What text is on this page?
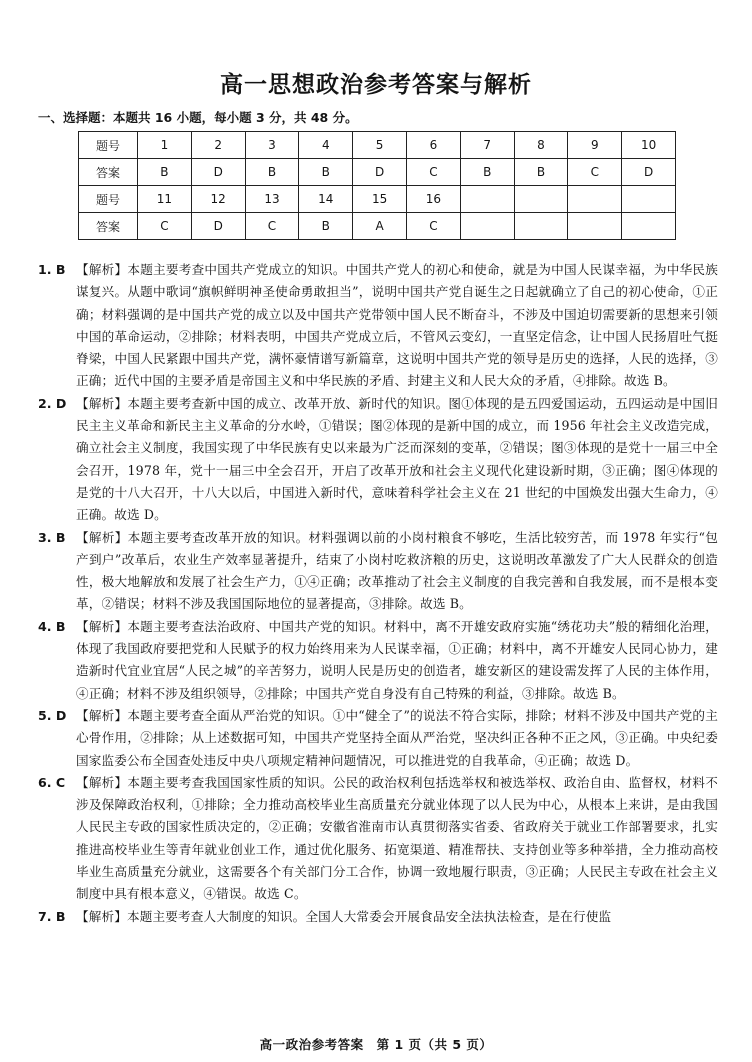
高一思想政治参考答案与解析
一、选择题：本题共 16 小题，每小题 3 分，共 48 分。
题号	1	2	3	4	5	6	7	8	9	10
答案	B	D	B	B	D	C	B	B	C	D
题号	11	12	13	14	15	16				
答案	C	D	C	B	A	C				
1. B 【解析】本题主要考查中国共产党成立的知识。中国共产党人的初心和使命，就是为中国人民谋幸福，为中华民族谋复兴。从题中歌词“旗帜鲜明神圣使命勇敢担当”，说明中国共产党自诞生之日起就确立了自己的初心使命，①正确；材料强调的是中国共产党的成立以及中国共产党带领中国人民不断奋斗，不涉及中国迫切需要新的思想来引领中国的革命运动，②排除；材料表明，中国共产党成立后，不管风云变幻，一直坚定信念，让中国人民扬眉吐气挺脊梁，中国人民紧跟中国共产党，满怀豪情谱写新篇章，这说明中国共产党的领导是历史的选择，人民的选择，③正确；近代中国的主要矛盾是帝国主义和中华民族的矛盾、封建主义和人民大众的矛盾，④排除。故选 B。
2. D 【解析】本题主要考查新中国的成立、改革开放、新时代的知识。图①体现的是五四爱国运动，五四运动是中国旧民主主义革命和新民主主义革命的分水岭，①错误；图②体现的是新中国的成立，而 1956 年社会主义改造完成，确立社会主义制度，我国实现了中华民族有史以来最为广泛而深刻的变革，②错误；图③体现的是党十一届三中全会召开，1978 年，党十一届三中全会召开，开启了改革开放和社会主义现代化建设新时期，③正确；图④体现的是党的十八大召开，十八大以后，中国进入新时代，意味着科学社会主义在 21 世纪的中国焕发出强大生命力，④正确。故选 D。
3. B 【解析】本题主要考查改革开放的知识。材料强调以前的小岗村粮食不够吃，生活比较穷苦，而 1978 年实行“包产到户”改革后，农业生产效率显著提升，结束了小岗村吃救济粮的历史，这说明改革激发了广大人民群众的创造性，极大地解放和发展了社会生产力，①④正确；改革推动了社会主义制度的自我完善和自我发展，而不是根本变革，②错误；材料不涉及我国国际地位的显著提高，③排除。故选 B。
4. B 【解析】本题主要考查法治政府、中国共产党的知识。材料中，离不开雄安政府实施“绣花功夫”般的精细化治理，体现了我国政府要把党和人民赋予的权力始终用来为人民谋幸福，①正确；材料中，离不开雄安人民同心协力，建造新时代宜业宜居“人民之城”的辛苦努力，说明人民是历史的创造者，雄安新区的建设需发挥了人民的主体作用，④正确；材料不涉及组织领导，②排除；中国共产党自身没有自己特殊的利益，③排除。故选 B。
5. D 【解析】本题主要考查全面从严治党的知识。①中“健全了”的说法不符合实际，排除；材料不涉及中国共产党的主心骨作用，②排除；从上述数据可知，中国共产党坚持全面从严治党，坚决纠正各种不正之风，③正确。中央纪委国家监委公布全国查处违反中央八项规定精神问题情况，可以推进党的自我革命，④正确；故选 D。
6. C 【解析】本题主要考查我国国家性质的知识。公民的政治权利包括选举权和被选举权、政治自由、监督权，材料不涉及保障政治权利，①排除；全力推动高校毕业生高质量充分就业体现了以人民为中心，从根本上来讲，是由我国人民民主专政的国家性质决定的，②正确；安徽省淮南市认真贯彻落实省委、省政府关于就业工作部署要求，扎实推进高校毕业生等青年就业创业工作，通过优化服务、拓宽渠道、精准帮扶、支持创业等多种举措，全力推动高校毕业生高质量充分就业，这需要各个有关部门分工合作，协调一致地履行职责，③正确；人民民主专政在社会主义制度中具有根本意义，④错误。故选 C。
7. B 【解析】本题主要考查人大制度的知识。全国人大常委会开展食品安全法执法检查，是在行使监
高一政治参考答案　第 1 页（共 5 页）
